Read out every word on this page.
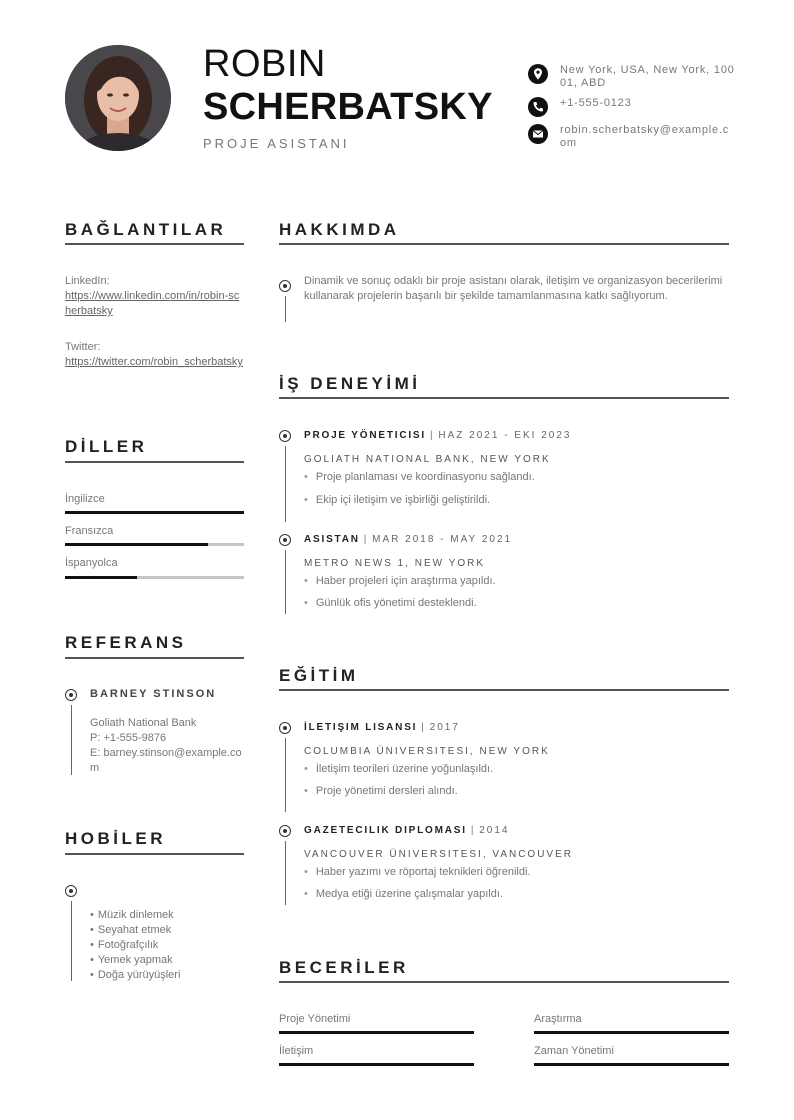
ROBIN
SCHERBATSKY
PROJE ASISTANI
New York, USA, New York, 10001, ABD
+1-555-0123
robin.scherbatsky@example.com
BAĞLANTILAR
LinkedIn:
https://www.linkedin.com/in/robin-scherbatsky
Twitter:
https://twitter.com/robin_scherbatsky
DİLLER
İngilizce
Fransızca
İspanyolca
REFERANS
BARNEY STINSON
Goliath National Bank
P: +1-555-9876
E: barney.stinson@example.com
HOBİLER
• Müzik dinlemek
• Seyahat etmek
• Fotoğrafçılık
• Yemek yapmak
• Doğa yürüyüşleri
HAKKIMDA
Dinamik ve sonuç odaklı bir proje asistanı olarak, iletişim ve organizasyon becerilerimi kullanarak projelerin başarılı bir şekilde tamamlanmasına katkı sağlıyorum.
İŞ DENEYİMİ
PROJE YÖNETICISI | HAZ 2021 - EKI 2023
GOLIATH NATIONAL BANK, NEW YORK
• Proje planlaması ve koordinasyonu sağlandı.
• Ekip içi iletişim ve işbirliği geliştirildi.
ASISTAN | MAR 2018 - MAY 2021
METRO NEWS 1, NEW YORK
• Haber projeleri için araştırma yapıldı.
• Günlük ofis yönetimi desteklendi.
EĞİTİM
İLETIŞIM LISANSI | 2017
COLUMBIA ÜNIVERSITESI, NEW YORK
• İletişim teorileri üzerine yoğunlaşıldı.
• Proje yönetimi dersleri alındı.
GAZETECILIK DIPLOMASI | 2014
VANCOUVER ÜNIVERSITESI, VANCOUVER
• Haber yazımı ve röportaj teknikleri öğrenildi.
• Medya etiği üzerine çalışmalar yapıldı.
BECERİLER
Proje Yönetimi	Araştırma
İletişim	Zaman Yönetimi
